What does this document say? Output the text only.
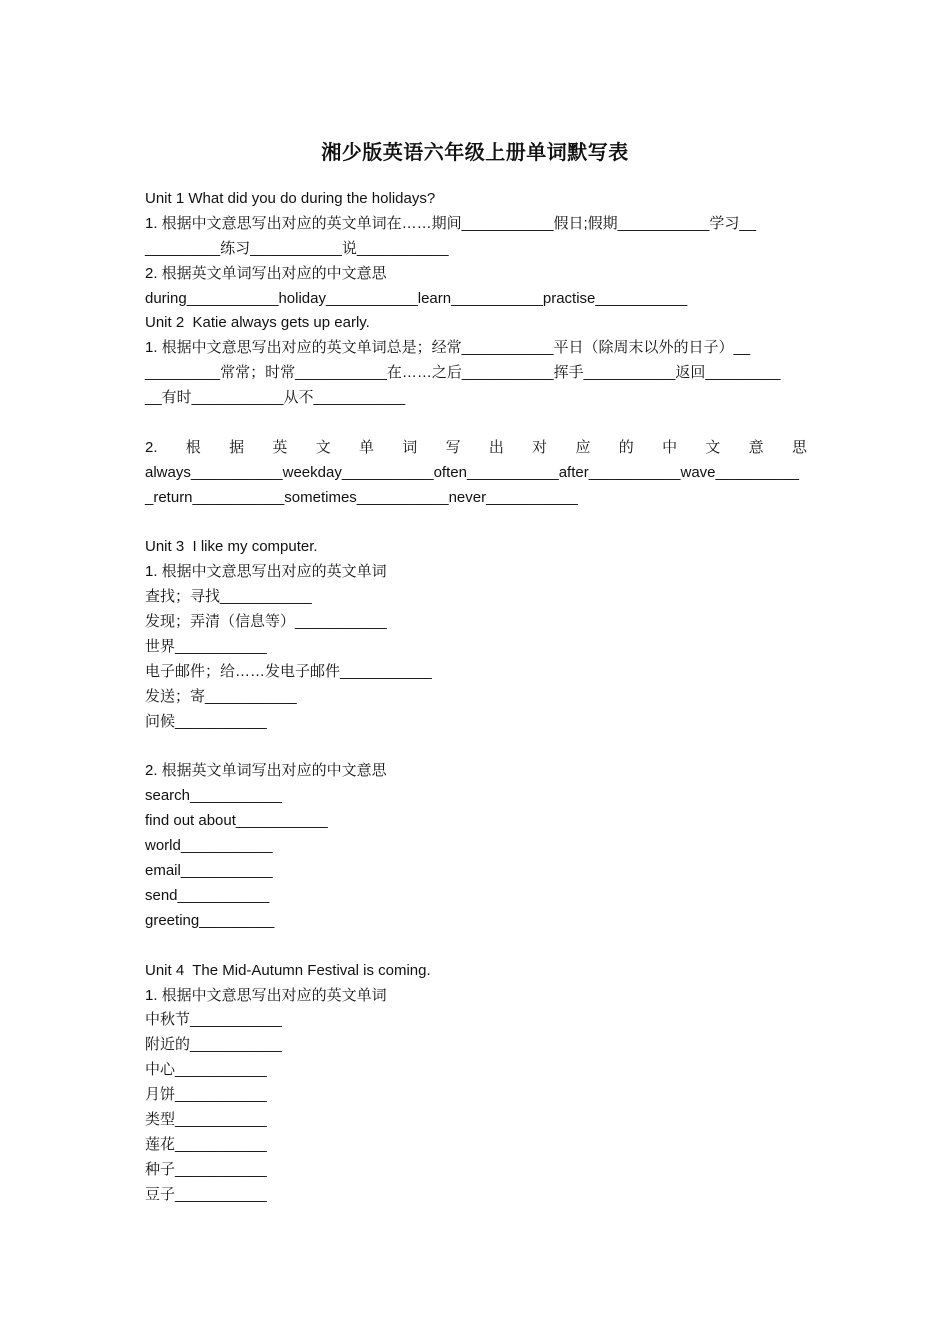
湘少版英语六年级上册单词默写表
Unit 1 What did you do during the holidays?
1. 根据中文意思写出对应的英文单词在……期间___________假日;假期___________学习__
_________练习___________说___________
2. 根据英文单词写出对应的中文意思
during___________holiday___________learn___________practise___________
Unit 2  Katie always gets up early.
1. 根据中文意思写出对应的英文单词总是；经常___________平日（除周末以外的日子）__
_________常常；时常___________在……之后___________挥手___________返回_________
__有时___________从不___________
2. 根 据 英 文 单 词 写 出 对 应 的 中 文 意 思
always___________weekday___________often___________after___________wave__________
_return___________sometimes___________never___________
Unit 3  I like my computer.
1. 根据中文意思写出对应的英文单词
查找；寻找___________
发现；弄清（信息等）___________
世界___________
电子邮件；给……发电子邮件___________
发送；寄___________
问候___________
2. 根据英文单词写出对应的中文意思
search___________
find out about___________
world___________
email___________
send___________
greeting_________
Unit 4  The Mid-Autumn Festival is coming.
1. 根据中文意思写出对应的英文单词
中秋节___________
附近的___________
中心___________
月饼___________
类型___________
莲花___________
种子___________
豆子___________
